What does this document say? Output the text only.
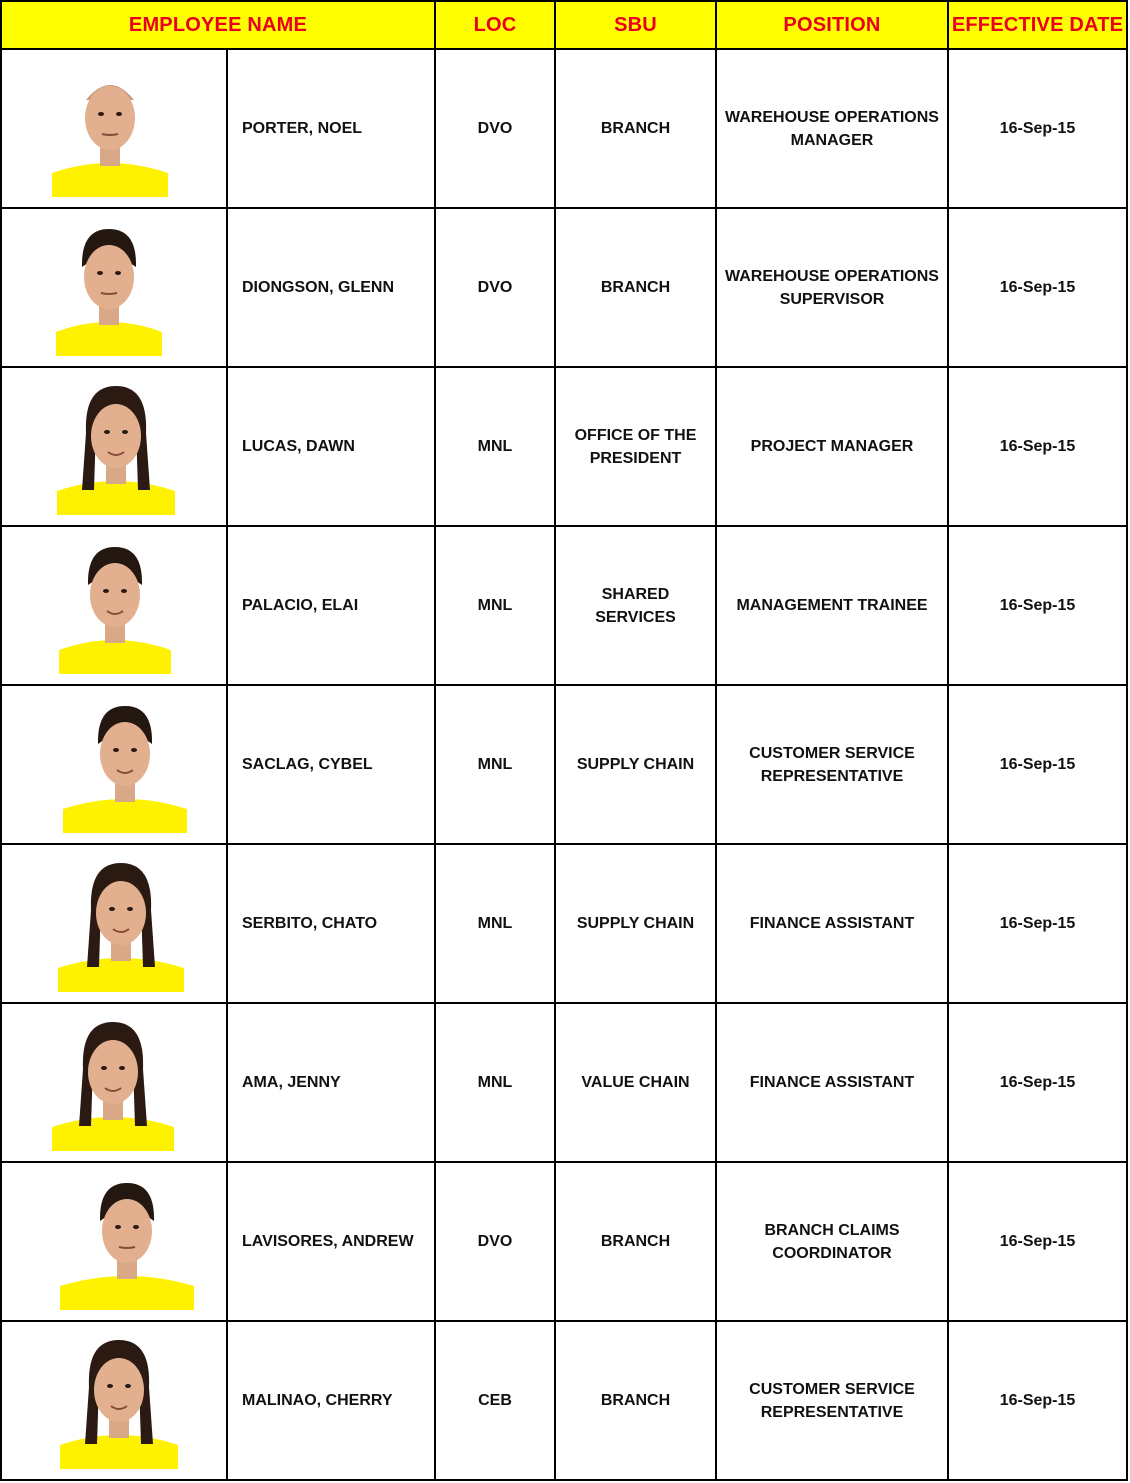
EMPLOYEE NAME		LOC	SBU	POSITION	EFFECTIVE DATE

	PORTER, NOEL	DVO	BRANCH	WAREHOUSE OPERATIONS MANAGER	16-Sep-15

	DIONGSON, GLENN	DVO	BRANCH	WAREHOUSE OPERATIONS SUPERVISOR	16-Sep-15

	LUCAS, DAWN	MNL	OFFICE OF THE PRESIDENT	PROJECT MANAGER	16-Sep-15

	PALACIO, ELAI	MNL	SHARED SERVICES	MANAGEMENT TRAINEE	16-Sep-15

	SACLAG, CYBEL	MNL	SUPPLY CHAIN	CUSTOMER SERVICE REPRESENTATIVE	16-Sep-15

	SERBITO, CHATO	MNL	SUPPLY CHAIN	FINANCE ASSISTANT	16-Sep-15

	AMA, JENNY	MNL	VALUE CHAIN	FINANCE ASSISTANT	16-Sep-15

	LAVISORES, ANDREW	DVO	BRANCH	BRANCH CLAIMS COORDINATOR	16-Sep-15

	MALINAO, CHERRY	CEB	BRANCH	CUSTOMER SERVICE REPRESENTATIVE	16-Sep-15
